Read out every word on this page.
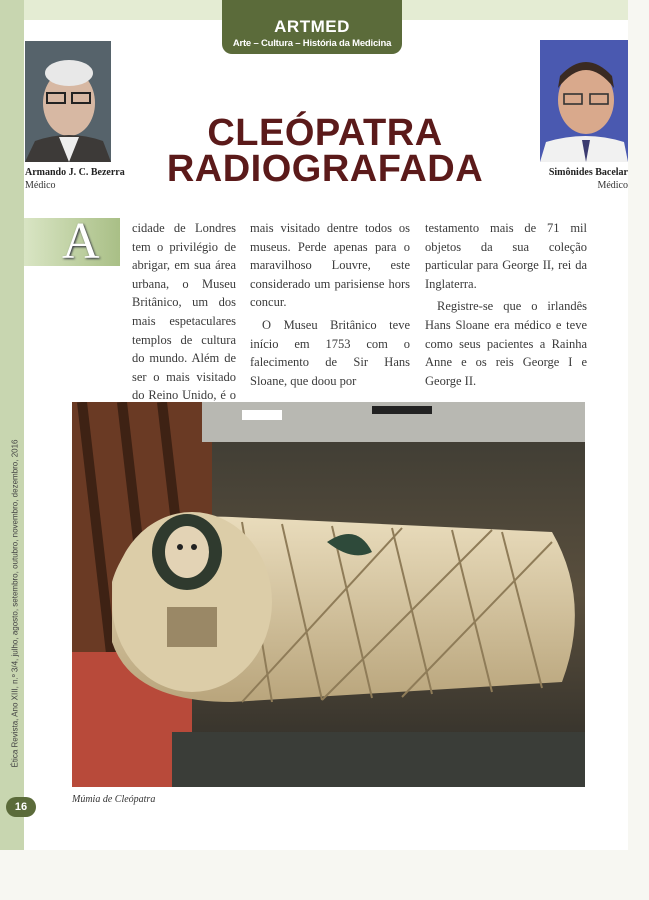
ARTMED
Arte – Cultura – História da Medicina
Armando J. C. Bezerra
Médico
Simônides Bacelar
Médico
CLEÓPATRA
RADIOGRAFADA
A	cidade de Londres tem o privilégio de abrigar, em sua área urbana, o Museu Britânico, um dos mais espetaculares templos de cultura do mundo. Além de ser o mais visitado do Reino Unido, é o

mais visitado dentre todos os museus. Perde apenas para o maravilhoso Louvre, este considerado um parisiense hors concur.

O Museu Britânico teve início em 1753 com o falecimento de Sir Hans Sloane, que doou por

testamento mais de 71 mil objetos da sua coleção particular para George II, rei da Inglaterra.

Registre-se que o irlandês Hans Sloane era médico e teve como seus pacientes a Rainha Anne e os reis George I e George II.

Múmia de Cleópatra
Ética Revista, Ano XIII, n.º 3/4, julho, agosto, setembro, outubro, novembro, dezembro, 2016
16
